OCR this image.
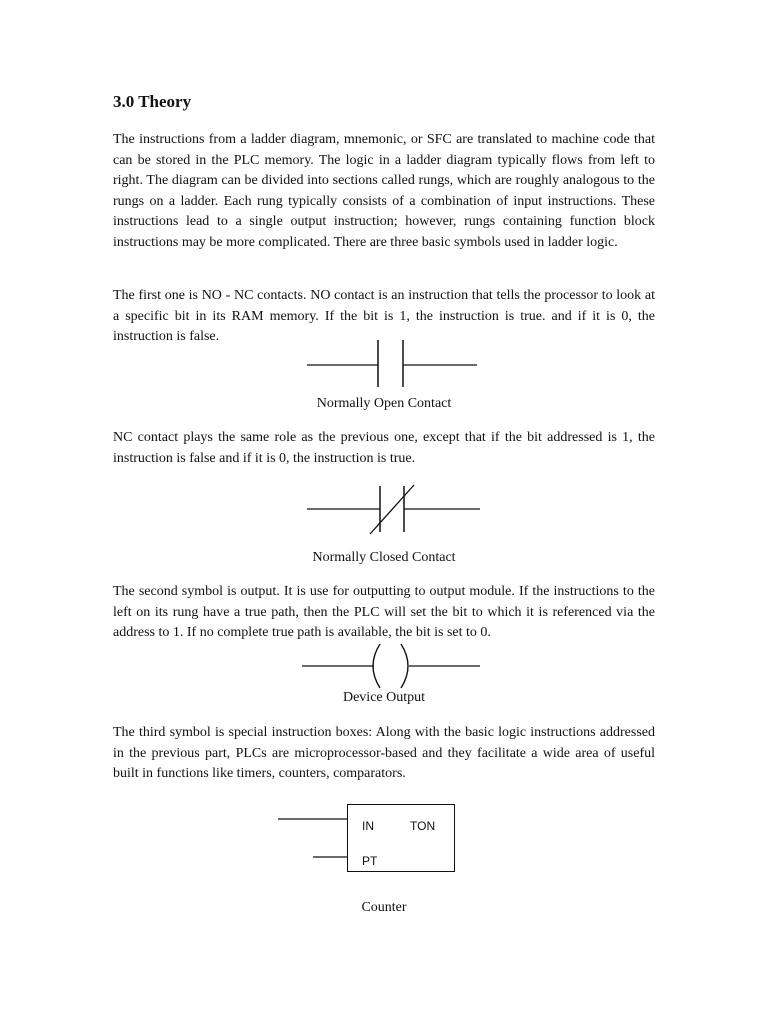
3.0 Theory

The instructions from a ladder diagram, mnemonic, or SFC are translated to machine code that can be stored in the PLC memory. The logic in a ladder diagram typically flows from left to right. The diagram can be divided into sections called rungs, which are roughly analogous to the rungs on a ladder. Each rung typically consists of a combination of input instructions. These instructions lead to a single output instruction; however, rungs containing function block instructions may be more complicated. There are three basic symbols used in ladder logic.

The first one is NO - NC contacts. NO contact is an instruction that tells the processor to look at a specific bit in its RAM memory. If the bit is 1, the instruction is true. and if it is 0, the instruction is false.

Normally Open Contact

NC contact plays the same role as the previous one, except that if the bit addressed is 1, the instruction is false and if it is 0, the instruction is true.

Normally Closed Contact

The second symbol is output. It is use for outputting to output module. If the instructions to the left on its rung have a true path, then the PLC will set the bit to which it is referenced via the address to 1. If no complete true path is available, the bit is set to 0.

Device Output

The third symbol is special instruction boxes: Along with the basic logic instructions addressed in the previous part, PLCs are microprocessor-based and they facilitate a wide area of useful built in functions like timers, counters, comparators.

IN	TON
PT

Counter
